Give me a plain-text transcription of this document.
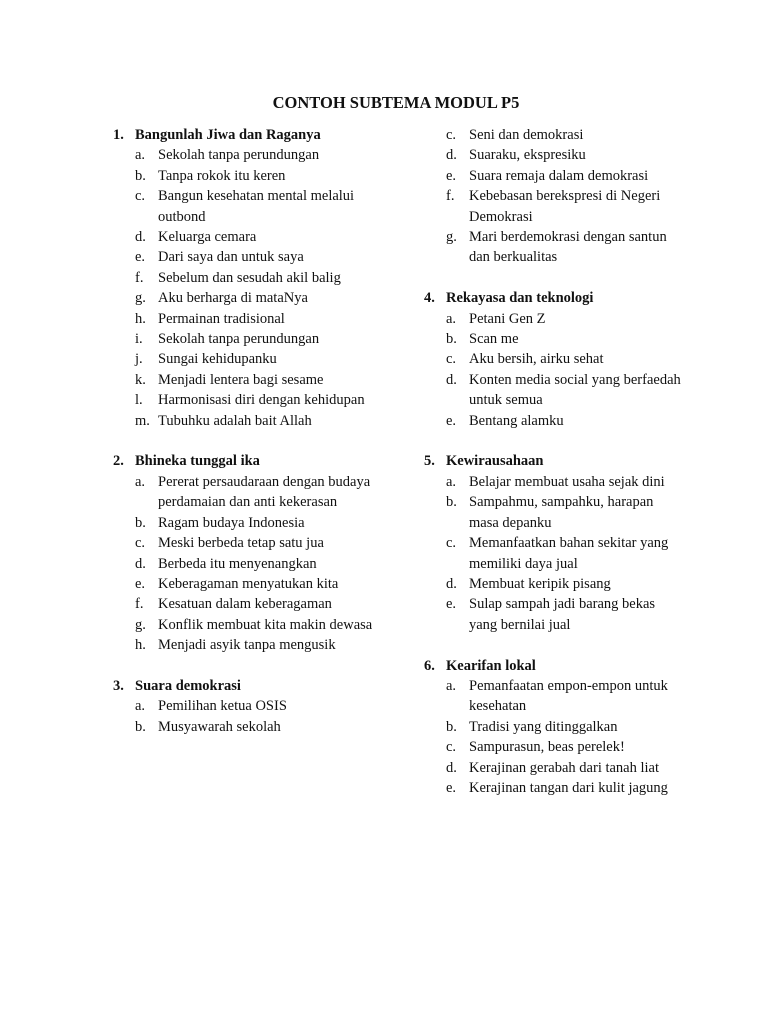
CONTOH SUBTEMA MODUL P5
1. Bangunlah Jiwa dan Raganya
a. Sekolah tanpa perundungan
b. Tanpa rokok itu keren
c. Bangun kesehatan mental melalui outbond
d. Keluarga cemara
e. Dari saya dan untuk saya
f.	Sebelum dan sesudah akil balig
g. Aku berharga di mataNya
h. Permainan tradisional
i.	Sekolah tanpa perundungan
j.	Sungai kehidupanku
k. Menjadi lentera bagi sesame
l.	Harmonisasi diri dengan kehidupan
m. Tubuhku adalah bait Allah
2. Bhineka tunggal ika
a. Pererat persaudaraan dengan budaya perdamaian dan anti kekerasan
b. Ragam budaya Indonesia
c. Meski berbeda tetap satu jua
d. Berbeda itu menyenangkan
e. Keberagaman menyatukan kita
f.	Kesatuan dalam keberagaman
g. Konflik membuat kita makin dewasa
h. Menjadi asyik tanpa mengusik
3. Suara demokrasi
a. Pemilihan ketua OSIS
b. Musyawarah sekolah
c. Seni dan demokrasi
d. Suaraku, ekspresiku
e. Suara remaja dalam demokrasi
f.	Kebebasan berekspresi di Negeri Demokrasi
g. Mari berdemokrasi dengan santun dan berkualitas
4. Rekayasa dan teknologi
a. Petani Gen Z
b. Scan me
c. Aku bersih, airku sehat
d. Konten media social yang berfaedah untuk semua
e. Bentang alamku
5. Kewirausahaan
a. Belajar membuat usaha sejak dini
b. Sampahmu, sampahku, harapan masa depanku
c. Memanfaatkan bahan sekitar yang memiliki daya jual
d. Membuat keripik pisang
e. Sulap sampah jadi barang bekas yang bernilai jual
6. Kearifan lokal
a. Pemanfaatan empon-empon untuk kesehatan
b. Tradisi yang ditinggalkan
c. Sampurasun, beas perelek!
d. Kerajinan gerabah dari tanah liat
e. Kerajinan tangan dari kulit jagung
